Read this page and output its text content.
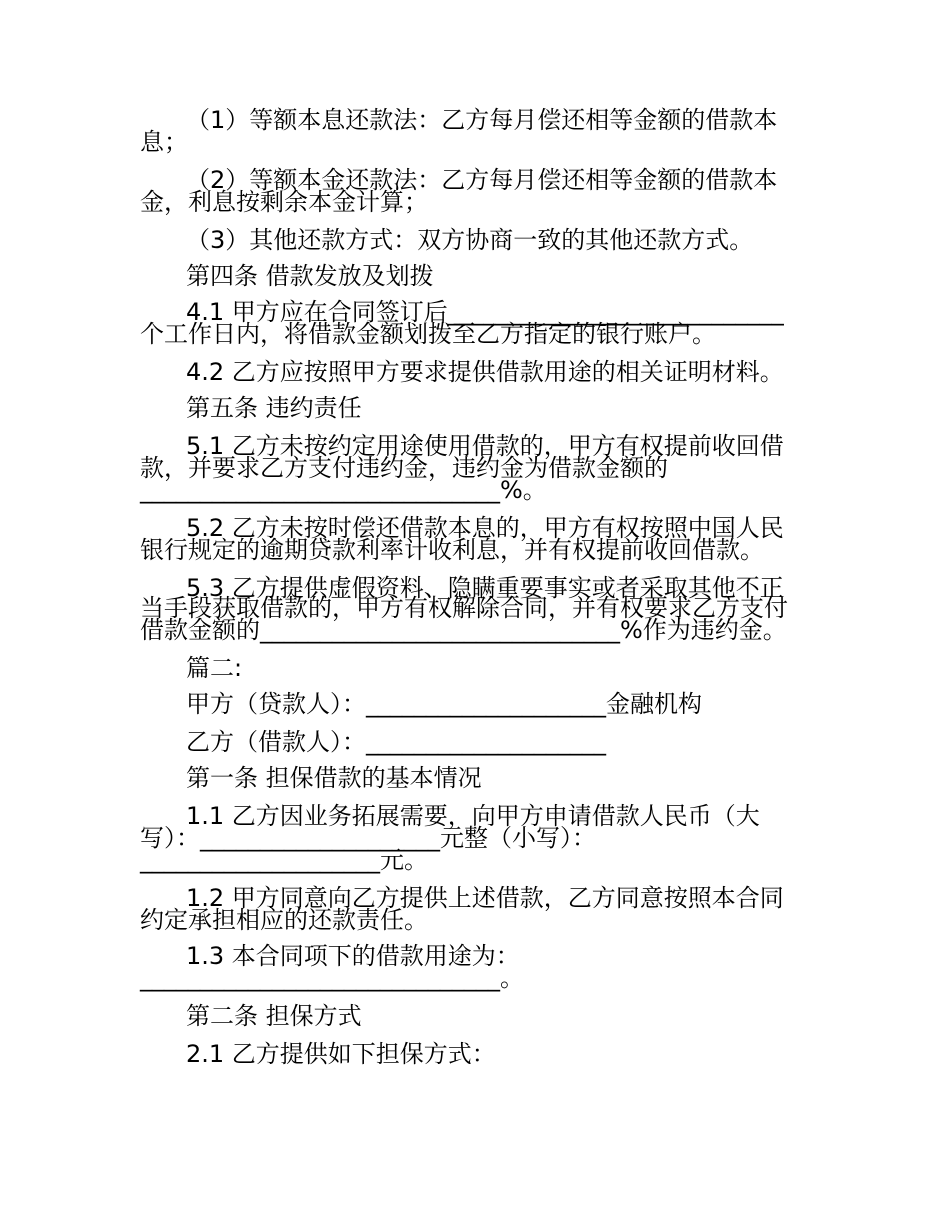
（1）等额本息还款法：乙方每月偿还相等金额的借款本
息；
（2）等额本金还款法：乙方每月偿还相等金额的借款本
金，利息按剩余本金计算；
（3）其他还款方式：双方协商一致的其他还款方式。
第四条 借款发放及划拨
4.1 甲方应在合同签订后____________________________
个工作日内，将借款金额划拨至乙方指定的银行账户。
4.2 乙方应按照甲方要求提供借款用途的相关证明材料。
第五条 违约责任
5.1 乙方未按约定用途使用借款的，甲方有权提前收回借
款，并要求乙方支付违约金，违约金为借款金额的
______________________________%。
5.2 乙方未按时偿还借款本息的，甲方有权按照中国人民
银行规定的逾期贷款利率计收利息，并有权提前收回借款。
5.3 乙方提供虚假资料、隐瞒重要事实或者采取其他不正
当手段获取借款的，甲方有权解除合同，并有权要求乙方支付
借款金额的______________________________%作为违约金。
篇二:
甲方（贷款人）：____________________金融机构
乙方（借款人）：____________________
第一条 担保借款的基本情况
1.1 乙方因业务拓展需要，向甲方申请借款人民币（大
写）：____________________元整（小写）：
____________________元。
1.2 甲方同意向乙方提供上述借款，乙方同意按照本合同
约定承担相应的还款责任。
1.3 本合同项下的借款用途为：
______________________________。
第二条 担保方式
2.1 乙方提供如下担保方式：
